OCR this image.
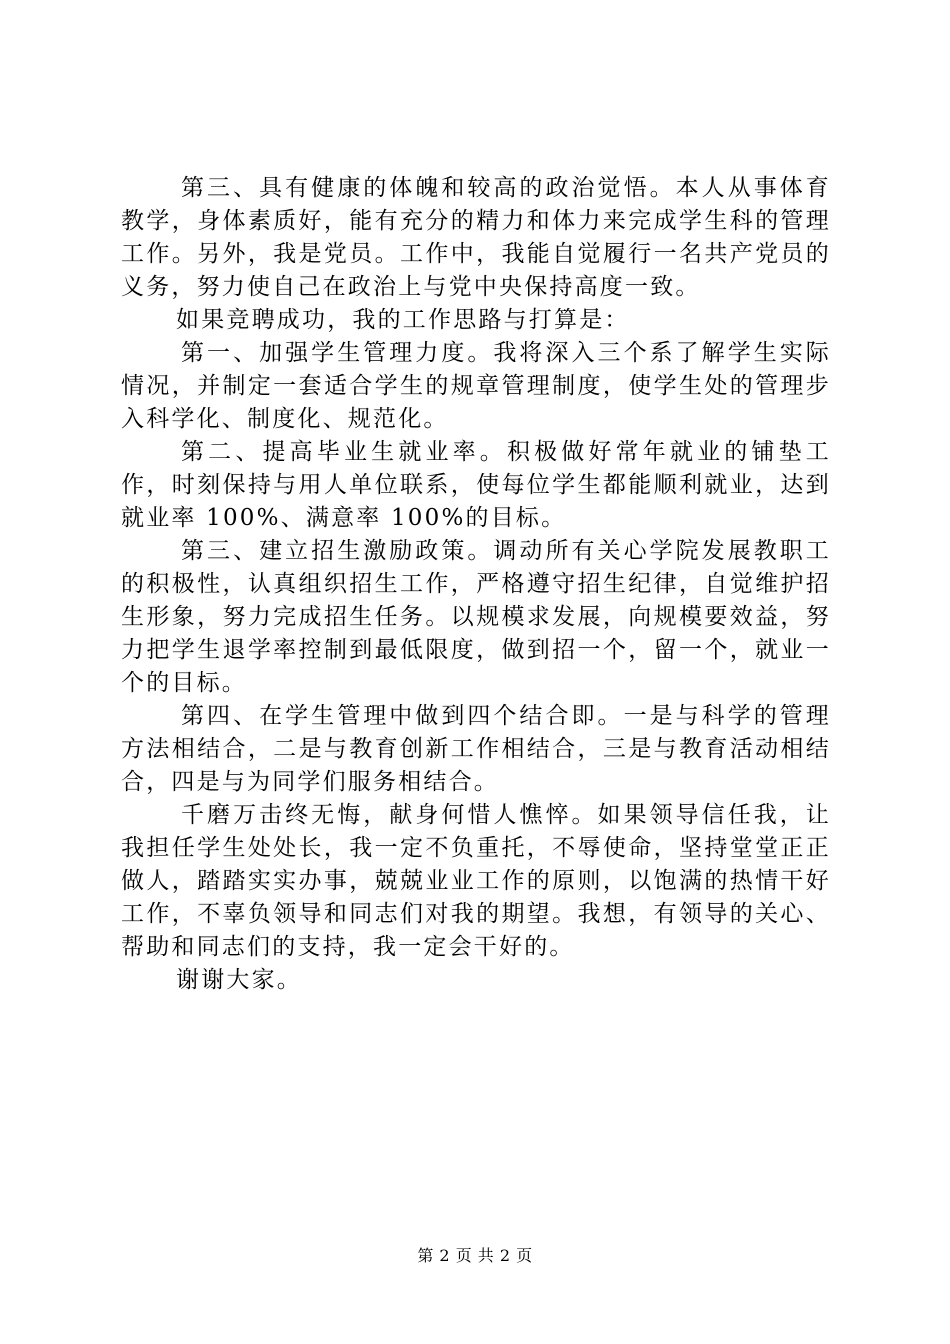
第三、具有健康的体魄和较高的政治觉悟。本人从事体育教学，身体素质好，能有充分的精力和体力来完成学生科的管理工作。另外，我是党员。工作中，我能自觉履行一名共产党员的义务，努力使自己在政治上与党中央保持高度一致。

如果竞聘成功，我的工作思路与打算是：

第一、加强学生管理力度。我将深入三个系了解学生实际情况，并制定一套适合学生的规章管理制度，使学生处的管理步入科学化、制度化、规范化。

第二、提高毕业生就业率。积极做好常年就业的铺垫工作，时刻保持与用人单位联系，使每位学生都能顺利就业，达到就业率 100%、满意率 100%的目标。

第三、建立招生激励政策。调动所有关心学院发展教职工的积极性，认真组织招生工作，严格遵守招生纪律，自觉维护招生形象，努力完成招生任务。以规模求发展，向规模要效益，努力把学生退学率控制到最低限度，做到招一个，留一个，就业一个的目标。

第四、在学生管理中做到四个结合即。一是与科学的管理方法相结合，二是与教育创新工作相结合，三是与教育活动相结合，四是与为同学们服务相结合。

千磨万击终无悔，献身何惜人憔悴。如果领导信任我，让我担任学生处处长，我一定不负重托，不辱使命，坚持堂堂正正做人，踏踏实实办事，兢兢业业工作的原则，以饱满的热情干好工作，不辜负领导和同志们对我的期望。我想，有领导的关心、帮助和同志们的支持，我一定会干好的。

谢谢大家。

第 2 页 共 2 页
